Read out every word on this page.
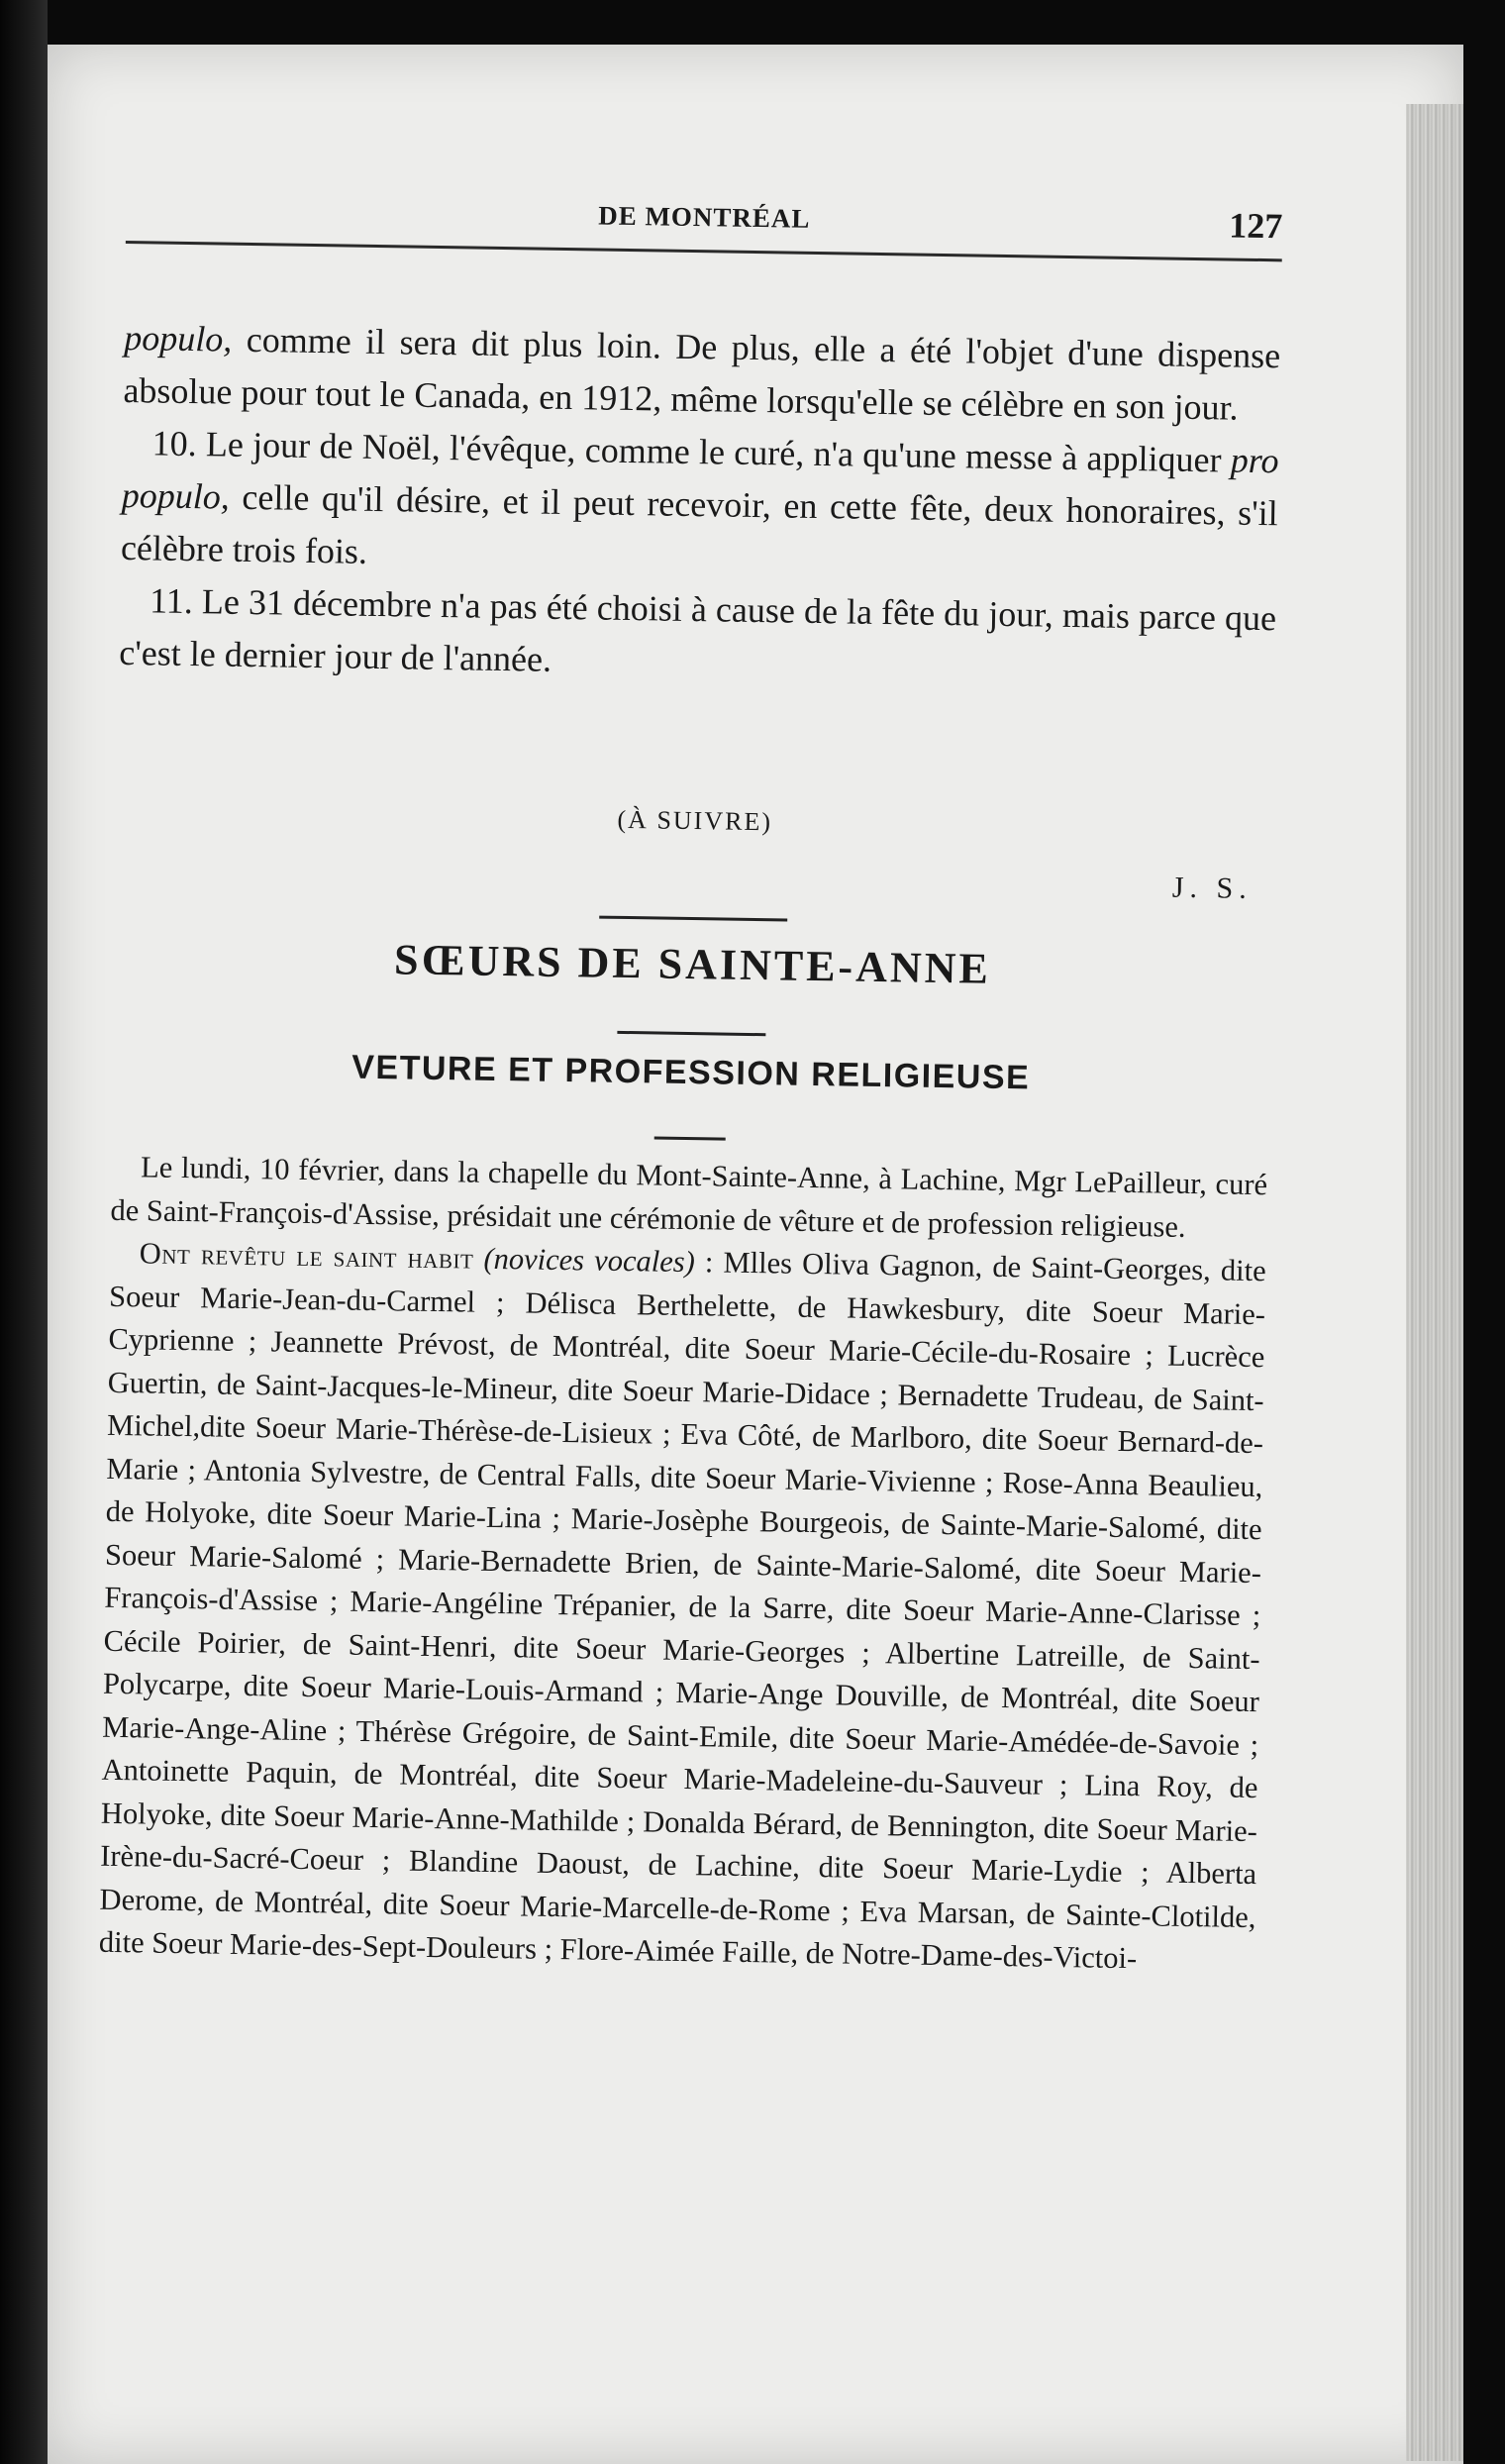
DE MONTRÉAL	127

populo, comme il sera dit plus loin. De plus, elle a été l'objet d'une dispense absolue pour tout le Canada, en 1912, même lorsqu'elle se célèbre en son jour.

10. Le jour de Noël, l'évêque, comme le curé, n'a qu'une messe à appliquer pro populo, celle qu'il désire, et il peut recevoir, en cette fête, deux honoraires, s'il célèbre trois fois.

11. Le 31 décembre n'a pas été choisi à cause de la fête du jour, mais parce que c'est le dernier jour de l'année.

(À SUIVRE)
J. S.
SŒURS DE SAINTE-ANNE
VETURE ET PROFESSION RELIGIEUSE

Le lundi, 10 février, dans la chapelle du Mont-Sainte-Anne, à Lachine, Mgr LePailleur, curé de Saint-François-d'Assise, présidait une cérémonie de vêture et de profession religieuse.

Ont revêtu le saint habit (novices vocales) : Mlles Oliva Gagnon, de Saint-Georges, dite Soeur Marie-Jean-du-Carmel ; Délisca Berthelette, de Hawkesbury, dite Soeur Marie-Cyprienne ; Jeannette Prévost, de Montréal, dite Soeur Marie-Cécile-du-Rosaire ; Lucrèce Guertin, de Saint-Jacques-le-Mineur, dite Soeur Marie-Didace ; Bernadette Trudeau, de Saint-Michel,dite Soeur Marie-Thérèse-de-Lisieux ; Eva Côté, de Marlboro, dite Soeur Bernard-de-Marie ; Antonia Sylvestre, de Central Falls, dite Soeur Marie-Vivienne ; Rose-Anna Beaulieu, de Holyoke, dite Soeur Marie-Lina ; Marie-Josèphe Bourgeois, de Sainte-Marie-Salomé, dite Soeur Marie-Salomé ; Marie-Bernadette Brien, de Sainte-Marie-Salomé, dite Soeur Marie-François-d'Assise ; Marie-Angéline Trépanier, de la Sarre, dite Soeur Marie-Anne-Clarisse ; Cécile Poirier, de Saint-Henri, dite Soeur Marie-Georges ; Albertine Latreille, de Saint-Polycarpe, dite Soeur Marie-Louis-Armand ; Marie-Ange Douville, de Montréal, dite Soeur Marie-Ange-Aline ; Thérèse Grégoire, de Saint-Emile, dite Soeur Marie-Amédée-de-Savoie ; Antoinette Paquin, de Montréal, dite Soeur Marie-Madeleine-du-Sauveur ; Lina Roy, de Holyoke, dite Soeur Marie-Anne-Mathilde ; Donalda Bérard, de Bennington, dite Soeur Marie-Irène-du-Sacré-Coeur ; Blandine Daoust, de Lachine, dite Soeur Marie-Lydie ; Alberta Derome, de Montréal, dite Soeur Marie-Marcelle-de-Rome ; Eva Marsan, de Sainte-Clotilde, dite Soeur Marie-des-Sept-Douleurs ; Flore-Aimée Faille, de Notre-Dame-des-Victoi-
